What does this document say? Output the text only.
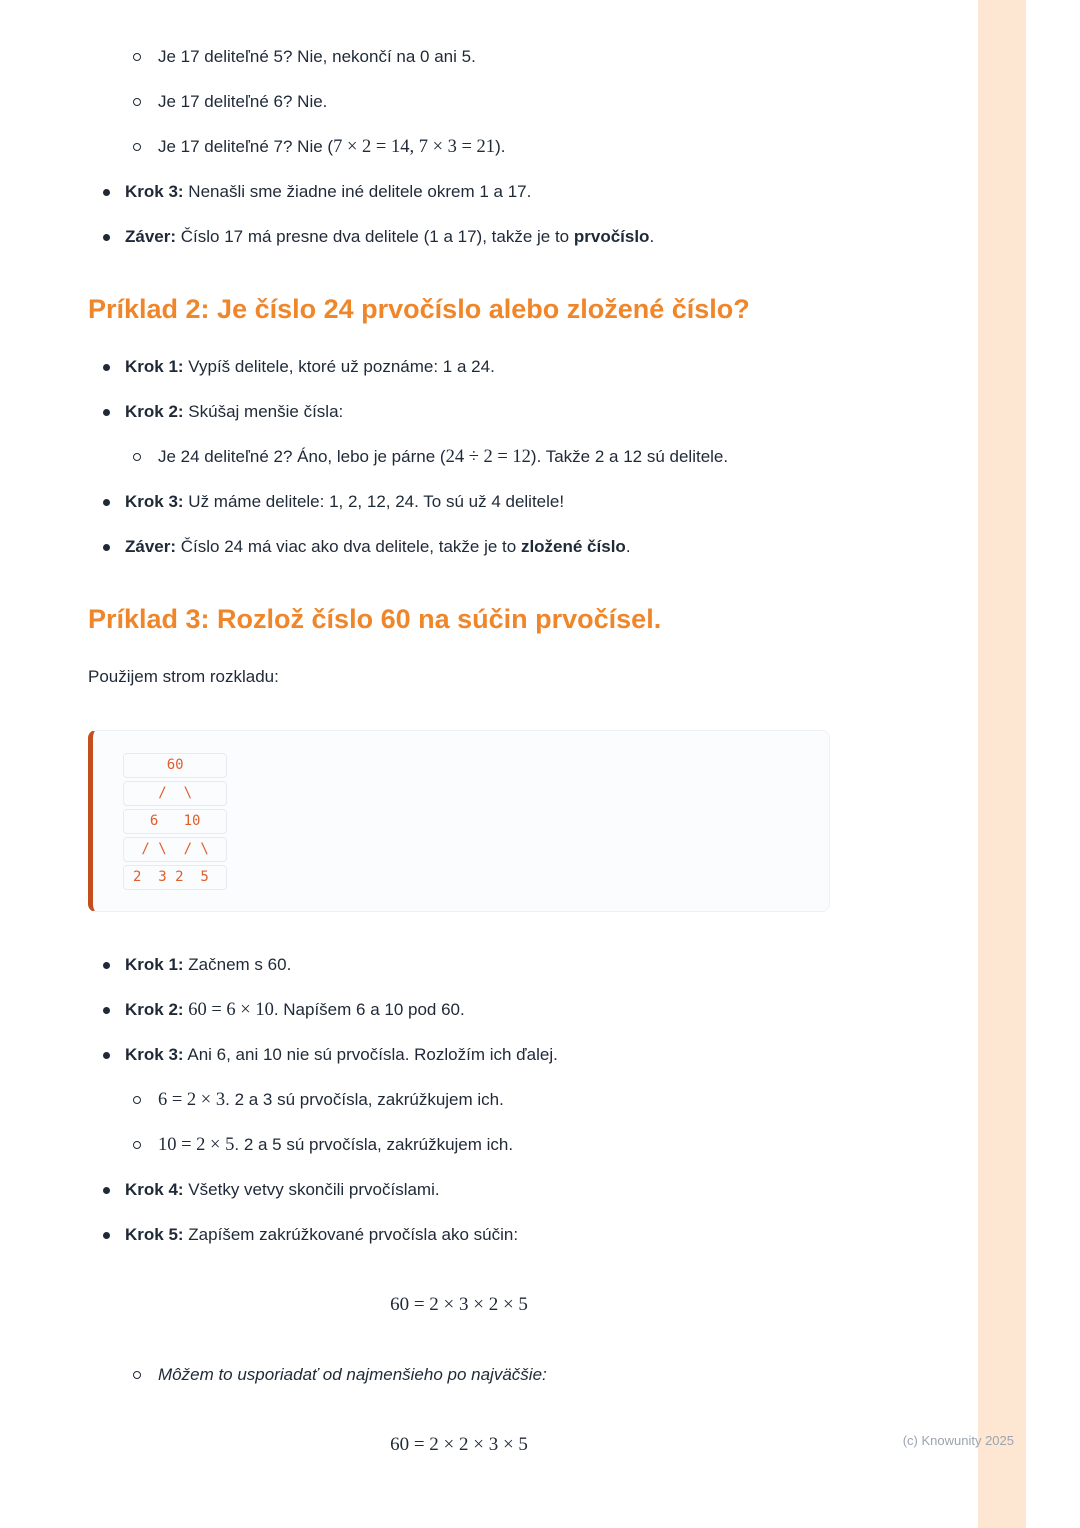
Je 17 deliteľné 5? Nie, nekončí na 0 ani 5.
Je 17 deliteľné 6? Nie.
Je 17 deliteľné 7? Nie (7 × 2 = 14, 7 × 3 = 21).
Krok 3: Nenašli sme žiadne iné delitele okrem 1 a 17.
Záver: Číslo 17 má presne dva delitele (1 a 17), takže je to prvočíslo.
Príklad 2: Je číslo 24 prvočíslo alebo zložené číslo?
Krok 1: Vypíš delitele, ktoré už poznáme: 1 a 24.
Krok 2: Skúšaj menšie čísla:
Je 24 deliteľné 2? Áno, lebo je párne (24 ÷ 2 = 12). Takže 2 a 12 sú delitele.
Krok 3: Už máme delitele: 1, 2, 12, 24. To sú už 4 delitele!
Záver: Číslo 24 má viac ako dva delitele, takže je to zložené číslo.
Príklad 3: Rozlož číslo 60 na súčin prvočísel.

Použijem strom rozkladu:

60
/  \
6   10
/ \  / \
2  3 2  5
Krok 1: Začnem s 60.
Krok 2: 60 = 6 × 10. Napíšem 6 a 10 pod 60.
Krok 3: Ani 6, ani 10 nie sú prvočísla. Rozložím ich ďalej.
6 = 2 × 3. 2 a 3 sú prvočísla, zakrúžkujem ich.
10 = 2 × 5. 2 a 5 sú prvočísla, zakrúžkujem ich.
Krok 4: Všetky vetvy skončili prvočíslami.
Krok 5: Zapíšem zakrúžkované prvočísla ako súčin:
60 = 2 × 3 × 2 × 5
Môžem to usporiadať od najmenšieho po najväčšie:
60 = 2 × 2 × 3 × 5	(c) Knowunity 2025
